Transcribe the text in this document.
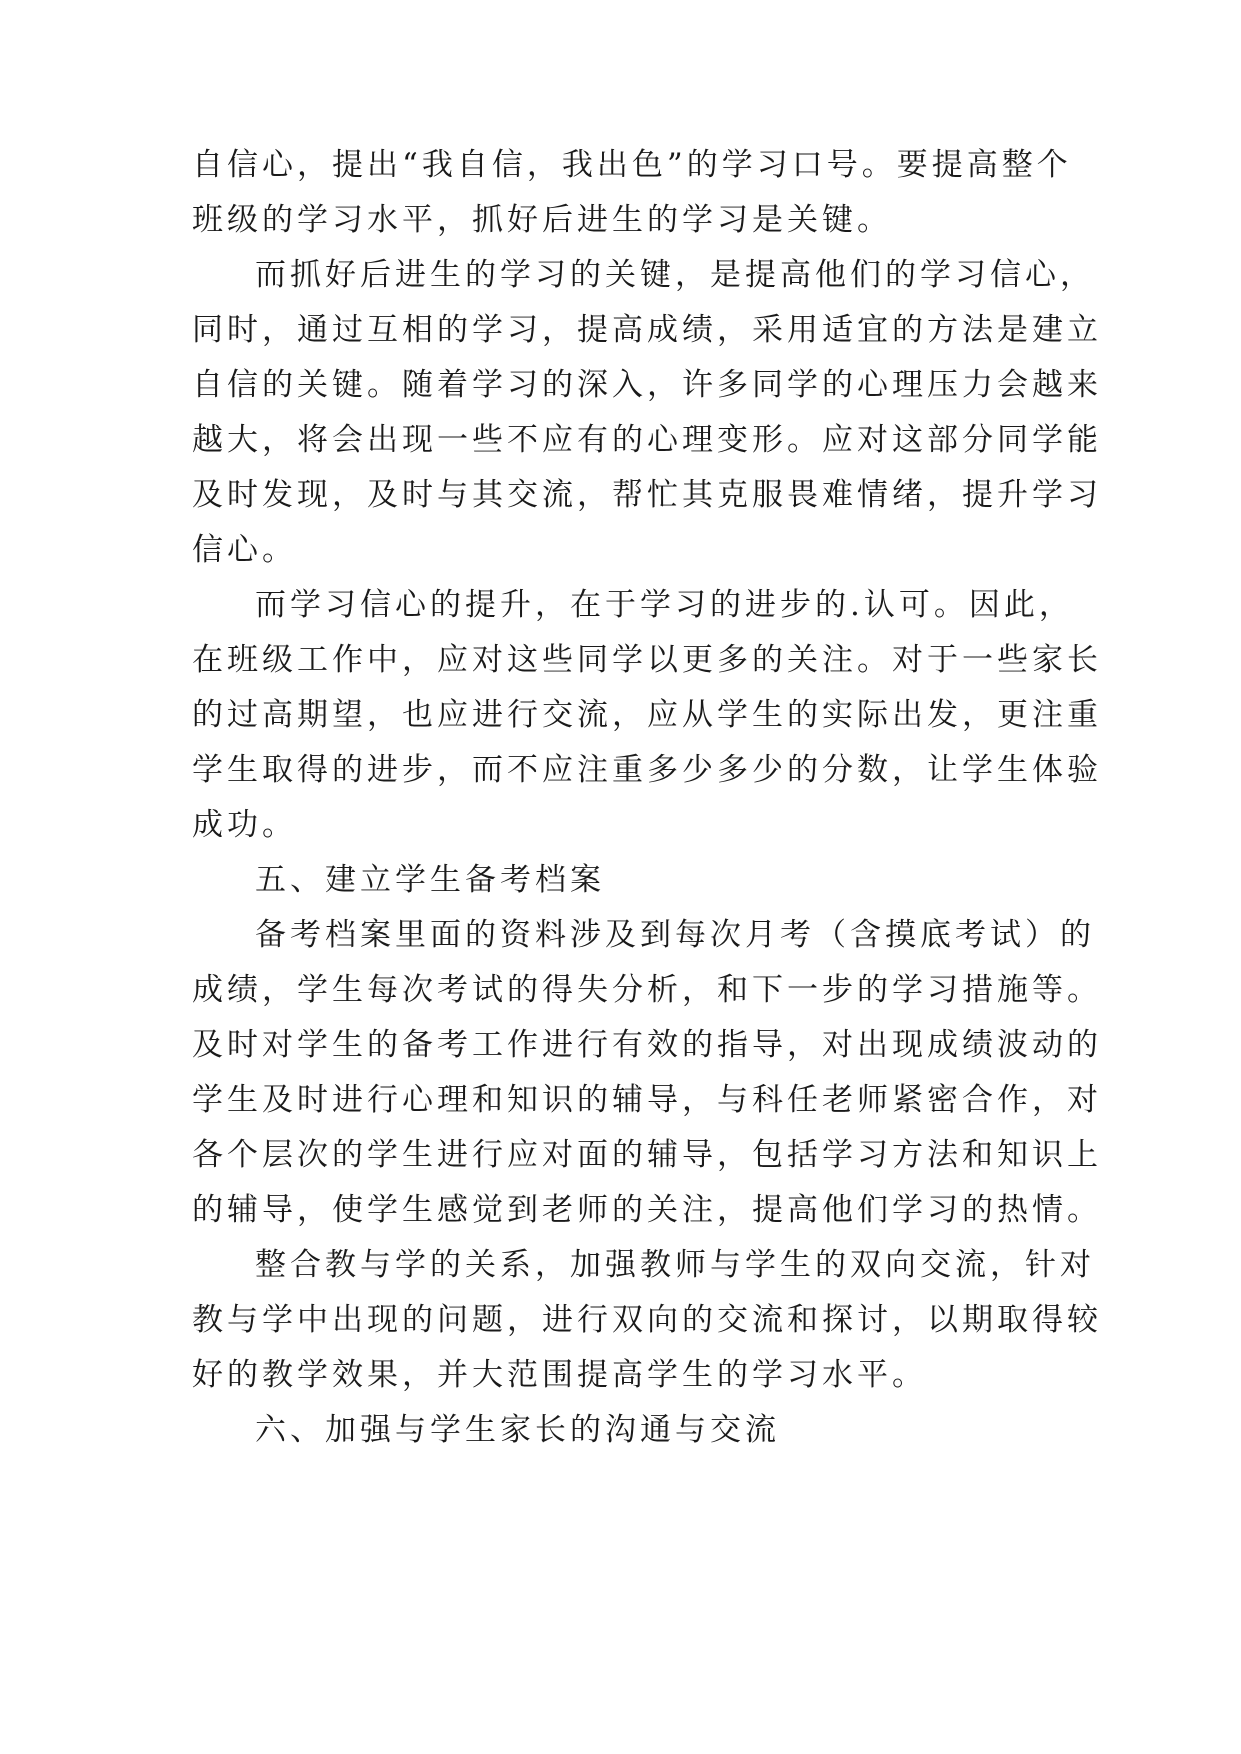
自信心，提出“我自信，我出色”的学习口号。要提高整个
班级的学习水平，抓好后进生的学习是关键。
而抓好后进生的学习的关键，是提高他们的学习信心，
同时，通过互相的学习，提高成绩，采用适宜的方法是建立
自信的关键。随着学习的深入，许多同学的心理压力会越来
越大，将会出现一些不应有的心理变形。应对这部分同学能
及时发现，及时与其交流，帮忙其克服畏难情绪，提升学习
信心。
而学习信心的提升，在于学习的进步的.认可。因此，
在班级工作中，应对这些同学以更多的关注。对于一些家长
的过高期望，也应进行交流，应从学生的实际出发，更注重
学生取得的进步，而不应注重多少多少的分数，让学生体验
成功。
五、建立学生备考档案
备考档案里面的资料涉及到每次月考（含摸底考试）的
成绩，学生每次考试的得失分析，和下一步的学习措施等。
及时对学生的备考工作进行有效的指导，对出现成绩波动的
学生及时进行心理和知识的辅导，与科任老师紧密合作，对
各个层次的学生进行应对面的辅导，包括学习方法和知识上
的辅导，使学生感觉到老师的关注，提高他们学习的热情。
整合教与学的关系，加强教师与学生的双向交流，针对
教与学中出现的问题，进行双向的交流和探讨，以期取得较
好的教学效果，并大范围提高学生的学习水平。
六、加强与学生家长的沟通与交流
